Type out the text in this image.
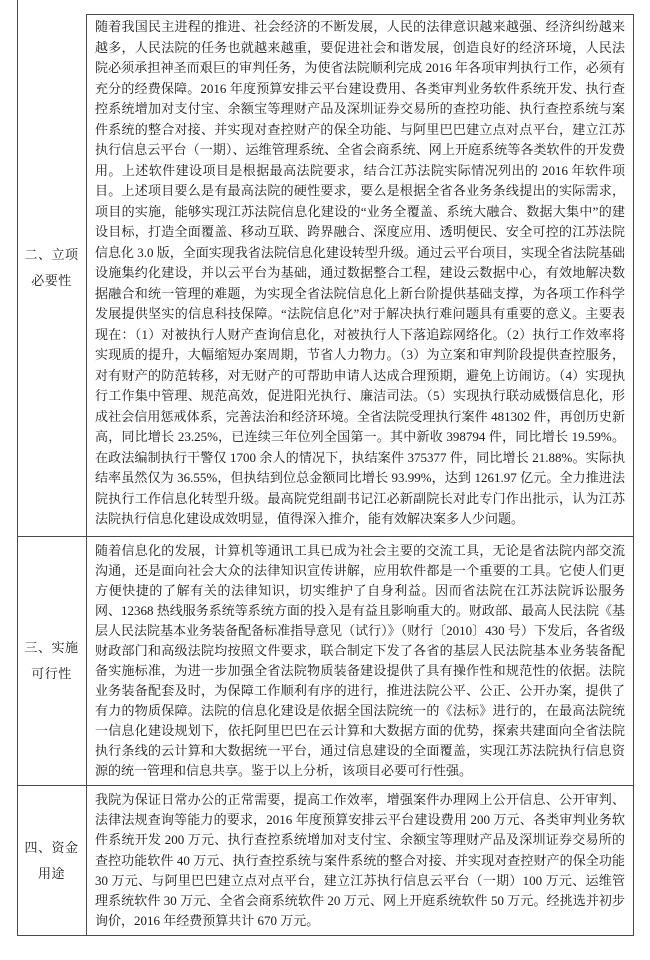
二、立项
必要性
随着我国民主进程的推进、社会经济的不断发展，人民的法律意识越来越强、经济纠纷越来越多，人民法院的任务也就越来越重，要促进社会和谐发展，创造良好的经济环境，人民法院必须承担神圣而艰巨的审判任务，为使省法院顺利完成 2016 年各项审判执行工作，必须有充分的经费保障。2016 年度预算安排云平台建设费用、各类审判业务软件系统开发、执行查控系统增加对支付宝、余额宝等理财产品及深圳证券交易所的查控功能、执行查控系统与案件系统的整合对接、并实现对查控财产的保全功能、与阿里巴巴建立点对点平台，建立江苏执行信息云平台（一期）、运维管理系统、全省会商系统、网上开庭系统等各类软件的开发费用。上述软件建设项目是根据最高法院要求，结合江苏法院实际情况列出的 2016 年软件项目。上述项目要么是有最高法院的硬性要求，要么是根据全省各业务条线提出的实际需求，项目的实施，能够实现江苏法院信息化建设的“业务全覆盖、系统大融合、数据大集中”的建设目标，打造全面覆盖、移动互联、跨界融合、深度应用、透明便民、安全可控的江苏法院信息化 3.0 版，全面实现我省法院信息化建设转型升级。通过云平台项目，实现全省法院基础设施集约化建设，并以云平台为基础，通过数据整合工程，建设云数据中心，有效地解决数据融合和统一管理的难题，为实现全省法院信息化上新台阶提供基础支撑，为各项工作科学发展提供坚实的信息科技保障。“法院信息化”对于解决执行难问题具有重要的意义。主要表现在：（1）对被执行人财产查询信息化，对被执行人下落追踪网络化。（2）执行工作效率将实现质的提升，大幅缩短办案周期，节省人力物力。（3）为立案和审判阶段提供查控服务，对有财产的防范转移，对无财产的可帮助申请人达成合理预期，避免上访闹访。（4）实现执行工作集中管理、规范高效，促进阳光执行、廉洁司法。（5）实现执行联动威慑信息化，形成社会信用惩戒体系，完善法治和经济环境。全省法院受理执行案件 481302 件，再创历史新高，同比增长 23.25%，已连续三年位列全国第一。其中新收 398794 件，同比增长 19.59%。在政法编制执行干警仅 1700 余人的情况下，执结案件 375377 件，同比增长 21.88%。实际执结率虽然仅为 36.55%，但执结到位总金额同比增长 93.99%，达到 1261.97 亿元。全力推进法院执行工作信息化转型升级。最高院党组副书记江必新副院长对此专门作出批示，认为江苏法院执行信息化建设成效明显，值得深入推介，能有效解决案多人少问题。
三、实施
可行性
随着信息化的发展，计算机等通讯工具已成为社会主要的交流工具，无论是省法院内部交流沟通，还是面向社会大众的法律知识宣传讲解，应用软件都是一个重要的工具。它使人们更方便快捷的了解有关的法律知识，切实维护了自身利益。因而省法院在江苏法院诉讼服务网、12368 热线服务系统等系统方面的投入是有益且影响重大的。财政部、最高人民法院《基层人民法院基本业务装备配备标准指导意见（试行）》（财行〔2010〕430 号）下发后，各省级财政部门和高级法院均按照文件要求，联合制定下发了各省的基层人民法院基本业务装备配备实施标准，为进一步加强全省法院物质装备建设提供了具有操作性和规范性的依据。法院业务装备配套及时，为保障工作顺利有序的进行，推进法院公平、公正、公开办案，提供了有力的物质保障。法院的信息化建设是依据全国法院统一的《法标》进行的，在最高法院统一信息化建设规划下，依托阿里巴巴在云计算和大数据方面的优势，探索共建面向全省法院执行条线的云计算和大数据统一平台，通过信息建设的全面覆盖，实现江苏法院执行信息资源的统一管理和信息共享。鉴于以上分析，该项目必要可行性强。
四、资金
用途
我院为保证日常办公的正常需要，提高工作效率，增强案件办理网上公开信息、公开审判、法律法规查询等能力的要求，2016 年度预算安排云平台建设费用 200 万元、各类审判业务软件系统开发 200 万元、执行查控系统增加对支付宝、余额宝等理财产品及深圳证券交易所的查控功能软件 40 万元、执行查控系统与案件系统的整合对接、并实现对查控财产的保全功能 30 万元、与阿里巴巴建立点对点平台，建立江苏执行信息云平台（一期）100 万元、运维管理系统软件 30 万元、全省会商系统软件 20 万元、网上开庭系统软件 50 万元。经挑选并初步询价，2016 年经费预算共计 670 万元。
